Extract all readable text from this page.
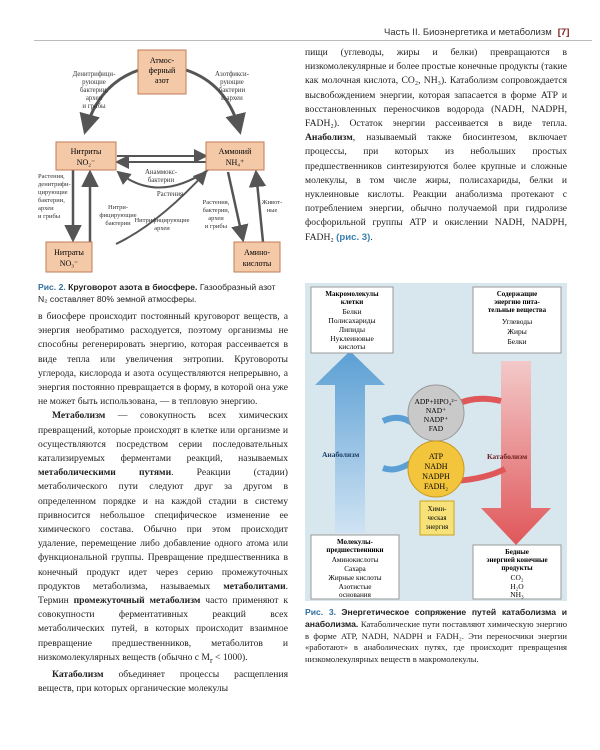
Часть II. Биоэнергетика и метаболизм [7]
Атмос-
ферный
азот
Нитриты
NO₂⁻
Аммоний
NH₄⁺
Нитраты
NO₃⁻
Амино-
кислоты
Денитрифици-
рующие
бактерии,
археи
и грибы
Азотфикси-
рующие
бактерии
и археи
Анаммокс-
бактерии
Растения,
денитрифи-
цирующие
бактерии,
археи
и грибы
Нитри-
фицирующие
бактерии
Растения
Нитрифицирующие
археи
Растения,
бактерии,
археи
и грибы
Живот-
ные
Рис. 2. Круговорот азота в биосфере. Газообразный азот
N₂ составляет 80% земной атмосферы.

в биосфере происходит постоянный круговорот веществ, а энергия необратимо расходуется, поэтому организмы не способны регенерировать энергию, которая рассеивается в виде тепла или увеличения энтропии. Круговороты углерода, кислорода и азота осуществляются непрерывно, а энергия постоянно превращается в форму, в которой она уже не может быть использована, — в тепловую энергию.

Метаболизм — совокупность всех химических превращений, которые происходят в клетке или организме и осуществляются посредством серии последовательных катализируемых ферментами реакций, называемых метаболическими путями. Реакции (стадии) метаболического пути следуют друг за другом в определенном порядке и на каждой стадии в систему привносится небольшое специфическое изменение ее химического состава. Обычно при этом происходит удаление, перемещение либо добавление одного атома или функциональной группы. Превращение предшественника в конечный продукт идет через серию промежуточных продуктов метаболизма, называемых метаболитами. Термин промежуточный метаболизм часто применяют к совокупности ферментативных реакций всех метаболических путей, в которых происходит взаимное превращение предшественников, метаболитов и низкомолекулярных веществ (обычно с $M_r < 1000$).

Катаболизм объединяет процессы расщепления веществ, при которых органические молекулы

пищи (углеводы, жиры и белки) превращаются в низкомолекулярные и более простые конечные продукты (такие как молочная кислота, CO₂, NH₃). Катаболизм сопровождается высвобождением энергии, которая запасается в форме ATP и восстановленных переносчиков водорода (NADH, NADPH, FADH₂). Остаток энергии рассеивается в виде тепла. Анаболизм, называемый также биосинтезом, включает процессы, при которых из небольших простых предшественников синтезируются более крупные и сложные молекулы, в том числе жиры, полисахариды, белки и нуклеиновые кислоты. Реакции анаболизма протекают с потреблением энергии, обычно получаемой при гидролизе фосфорильной группы ATP и окислении NADH, NADPH, FADH₂ (рис. 3).

Макромолекулы
клетки
Белки
Полисахариды
Липиды
Нуклеиновые
кислоты
Содержащие
энергию пита-
тельные вещества
Углеводы
Жиры
Белки
Анаболизм	Катаболизм
ADP+HPO₄²⁻
NAD⁺
NADP⁺
FAD
ATP
NADH
NADPH
FADH₂
Хими-
ческая
энергия
Молекулы-
предшественники
Аминокислоты
Сахара
Жирные кислоты
Азотистые
основания
Бедные
энергией конечные
продукты
CO₂
H₂O
NH₃
Рис. 3. Энергетическое сопряжение путей катаболизма и анаболизма. Катаболические пути поставляют химическую энергию в форме ATP, NADH, NADPH и FADH₂. Эти переносчики энергии «работают» в анаболических путях, где происходит превращения низкомолекулярных веществ в макромолекулы.
